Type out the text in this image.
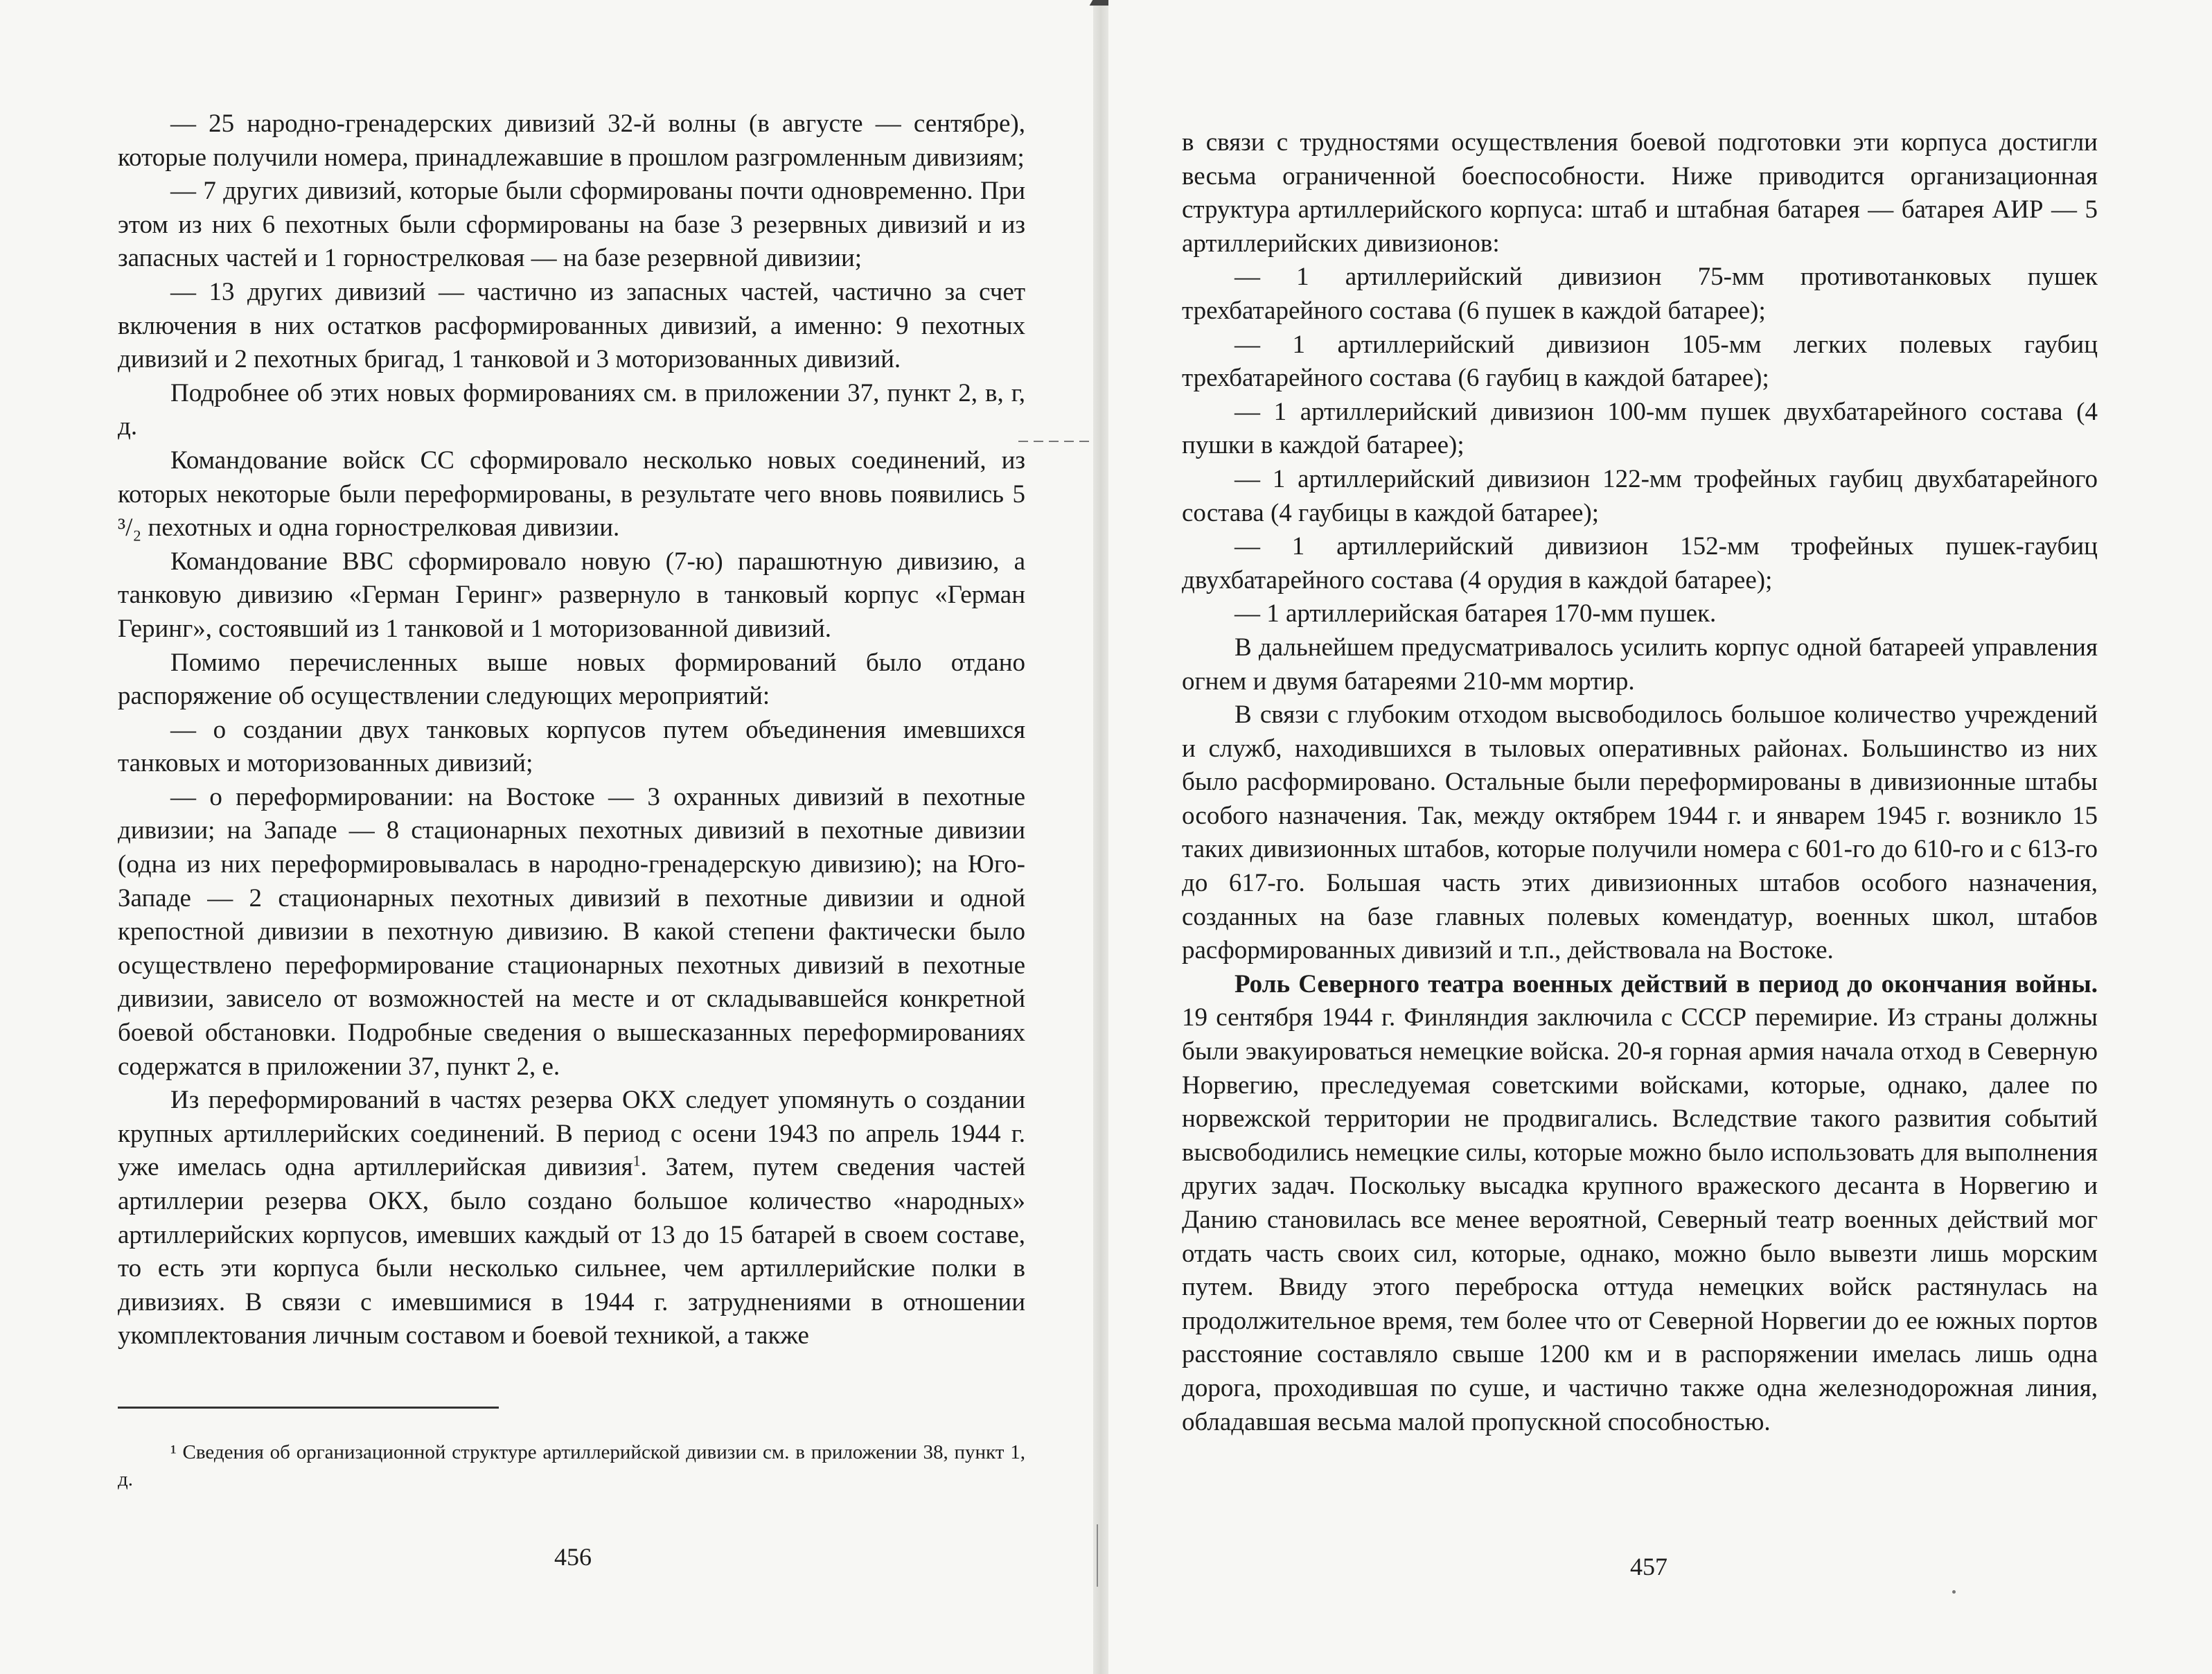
— 25 народно-гренадерских дивизий 32-й волны (в августе — сентябре), которые получили номера, принадлежавшие в прошлом разгромленным дивизиям;

— 7 других дивизий, которые были сформированы почти одновременно. При этом из них 6 пехотных были сформированы на базе 3 резервных дивизий и из запасных частей и 1 горнострелковая — на базе резервной дивизии;

— 13 других дивизий — частично из запасных частей, частично за счет включения в них остатков расформированных дивизий, а именно: 9 пехотных дивизий и 2 пехотных бригад, 1 танковой и 3 моторизованных дивизий.

Подробнее об этих новых формированиях см. в приложении 37, пункт 2, в, г, д.

Командование войск СС сформировало несколько новых соединений, из которых некоторые были переформированы, в результате чего вновь появились 5 ³/₂ пехотных и одна горнострелковая дивизии.

Командование ВВС сформировало новую (7-ю) парашютную дивизию, а танковую дивизию «Герман Геринг» развернуло в танковый корпус «Герман Геринг», состоявший из 1 танковой и 1 моторизованной дивизий.

Помимо перечисленных выше новых формирований было отдано распоряжение об осуществлении следующих мероприятий:

— о создании двух танковых корпусов путем объединения имевшихся танковых и моторизованных дивизий;

— о переформировании: на Востоке — 3 охранных дивизий в пехотные дивизии; на Западе — 8 стационарных пехотных дивизий в пехотные дивизии (одна из них переформировывалась в народно-гренадерскую дивизию); на Юго-Западе — 2 стационарных пехотных дивизий в пехотные дивизии и одной крепостной дивизии в пехотную дивизию. В какой степени фактически было осуществлено переформирование стационарных пехотных дивизий в пехотные дивизии, зависело от возможностей на месте и от складывавшейся конкретной боевой обстановки. Подробные сведения о вышесказанных переформированиях содержатся в приложении 37, пункт 2, е.

Из переформирований в частях резерва ОКХ следует упомянуть о создании крупных артиллерийских соединений. В период с осени 1943 по апрель 1944 г. уже имелась одна артиллерийская дивизия$^1$. Затем, путем сведения частей артиллерии резерва ОКХ, было создано большое количество «народных» артиллерийских корпусов, имевших каждый от 13 до 15 батарей в своем составе, то есть эти корпуса были несколько сильнее, чем артиллерийские полки в дивизиях. В связи с имевшимися в 1944 г. затруднениями в отношении укомплектования личным составом и боевой техникой, а также

¹ Сведения об организационной структуре артиллерийской дивизии см. в приложении 38, пункт 1, д.

456

в связи с трудностями осуществления боевой подготовки эти корпуса достигли весьма ограниченной боеспособности. Ниже приводится организационная структура артиллерийского корпуса: штаб и штабная батарея — батарея АИР — 5 артиллерийских дивизионов:

— 1 артиллерийский дивизион 75-мм противотанковых пушек трехбатарейного состава (6 пушек в каждой батарее);

— 1 артиллерийский дивизион 105-мм легких полевых гаубиц трехбатарейного состава (6 гаубиц в каждой батарее);

— 1 артиллерийский дивизион 100-мм пушек двухбатарейного состава (4 пушки в каждой батарее);

— 1 артиллерийский дивизион 122-мм трофейных гаубиц двухбатарейного состава (4 гаубицы в каждой батарее);

— 1 артиллерийский дивизион 152-мм трофейных пушек-гаубиц двухбатарейного состава (4 орудия в каждой батарее);

— 1 артиллерийская батарея 170-мм пушек.

В дальнейшем предусматривалось усилить корпус одной батареей управления огнем и двумя батареями 210-мм мортир.

В связи с глубоким отходом высвободилось большое количество учреждений и служб, находившихся в тыловых оперативных районах. Большинство из них было расформировано. Остальные были переформированы в дивизионные штабы особого назначения. Так, между октябрем 1944 г. и январем 1945 г. возникло 15 таких дивизионных штабов, которые получили номера с 601-го до 610-го и с 613-го до 617-го. Большая часть этих дивизионных штабов особого назначения, созданных на базе главных полевых комендатур, военных школ, штабов расформированных дивизий и т.п., действовала на Востоке.

Роль Северного театра военных действий в период до окончания войны. 19 сентября 1944 г. Финляндия заключила с СССР перемирие. Из страны должны были эвакуироваться немецкие войска. 20-я горная армия начала отход в Северную Норвегию, преследуемая советскими войсками, которые, однако, далее по норвежской территории не продвигались. Вследствие такого развития событий высвободились немецкие силы, которые можно было использовать для выполнения других задач. Поскольку высадка крупного вражеского десанта в Норвегию и Данию становилась все менее вероятной, Северный театр военных действий мог отдать часть своих сил, которые, однако, можно было вывезти лишь морским путем. Ввиду этого переброска оттуда немецких войск растянулась на продолжительное время, тем более что от Северной Норвегии до ее южных портов расстояние составляло свыше 1200 км и в распоряжении имелась лишь одна дорога, проходившая по суше, и частично также одна железнодорожная линия, обладавшая весьма малой пропускной способностью.

457
